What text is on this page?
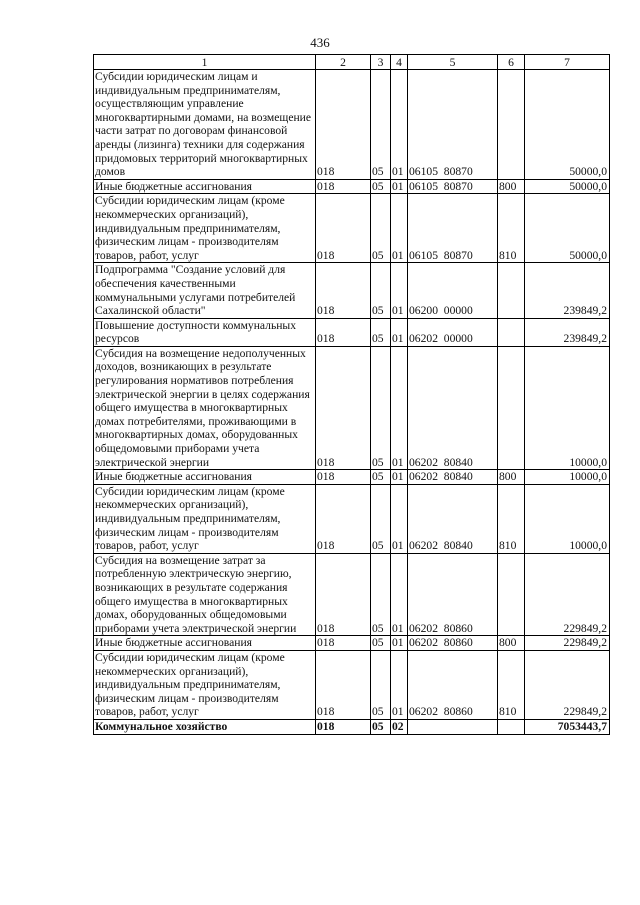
436
1	2	3	4	5	6	7
Субсидии юридическим лицам и индивидуальным предпринимателям, осуществляющим управление многоквартирными домами, на возмещение части затрат по договорам финансовой аренды (лизинга) техники для содержания придомовых территорий многоквартирных домов	018	05	01	06105  80870		50000,0
Иные бюджетные ассигнования	018	05	01	06105  80870	800	50000,0
Субсидии юридическим лицам (кроме некоммерческих организаций), индивидуальным предпринимателям, физическим лицам - производителям товаров, работ, услуг	018	05	01	06105  80870	810	50000,0
Подпрограмма "Создание условий для обеспечения качественными коммунальными услугами потребителей Сахалинской области"	018	05	01	06200  00000		239849,2
Повышение доступности коммунальных ресурсов	018	05	01	06202  00000		239849,2
Субсидия на возмещение недополученных доходов, возникающих в результате регулирования нормативов потребления электрической энергии в целях содержания общего имущества в многоквартирных домах потребителями, проживающими в многоквартирных домах, оборудованных общедомовыми приборами учета электрической энергии	018	05	01	06202  80840		10000,0
Иные бюджетные ассигнования	018	05	01	06202  80840	800	10000,0
Субсидии юридическим лицам (кроме некоммерческих организаций), индивидуальным предпринимателям, физическим лицам - производителям товаров, работ, услуг	018	05	01	06202  80840	810	10000,0
Субсидия на возмещение затрат за потребленную электрическую энергию, возникающих в результате содержания общего имущества в многоквартирных домах, оборудованных общедомовыми приборами учета электрической энергии	018	05	01	06202  80860		229849,2
Иные бюджетные ассигнования	018	05	01	06202  80860	800	229849,2
Субсидии юридическим лицам (кроме некоммерческих организаций), индивидуальным предпринимателям, физическим лицам - производителям товаров, работ, услуг	018	05	01	06202  80860	810	229849,2
Коммунальное хозяйство	018	05	02			7053443,7
